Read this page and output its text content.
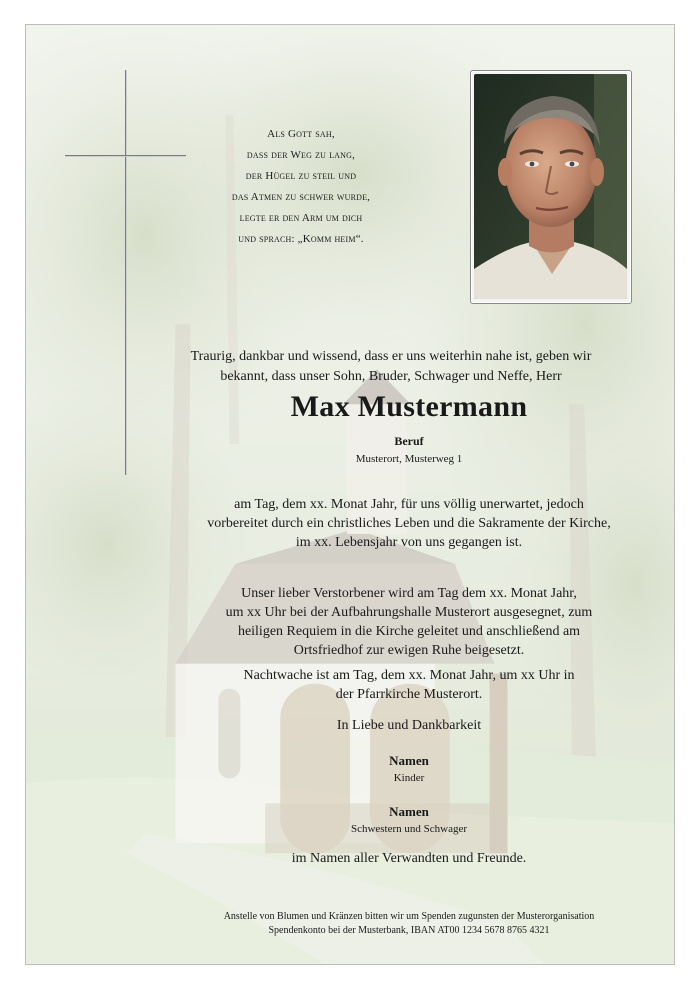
Als Gott sah,
dass der Weg zu lang,
der Hügel zu steil und
das Atmen zu schwer wurde,
legte er den Arm um dich
und sprach: „Komm heim“.
Traurig, dankbar und wissend, dass er uns weiterhin nahe ist, geben wir
bekannt, dass unser Sohn, Bruder, Schwager und Neffe, Herr
Max Mustermann
Beruf
Musterort, Musterweg 1
am Tag, dem xx. Monat Jahr, für uns völlig unerwartet, jedoch
vorbereitet durch ein christliches Leben und die Sakramente der Kirche,
im xx. Lebensjahr von uns gegangen ist.
Unser lieber Verstorbener wird am Tag dem xx. Monat Jahr,
um xx Uhr bei der Aufbahrungshalle Musterort ausgesegnet, zum
heiligen Requiem in die Kirche geleitet und anschließend am
Ortsfriedhof zur ewigen Ruhe beigesetzt.
Nachtwache ist am Tag, dem xx. Monat Jahr, um xx Uhr in
der Pfarrkirche Musterort.
In Liebe und Dankbarkeit
Namen
Kinder
Namen
Schwestern und Schwager
im Namen aller Verwandten und Freunde.
Anstelle von Blumen und Kränzen bitten wir um Spenden zugunsten der Musterorganisation
Spendenkonto bei der Musterbank, IBAN AT00 1234 5678 8765 4321
